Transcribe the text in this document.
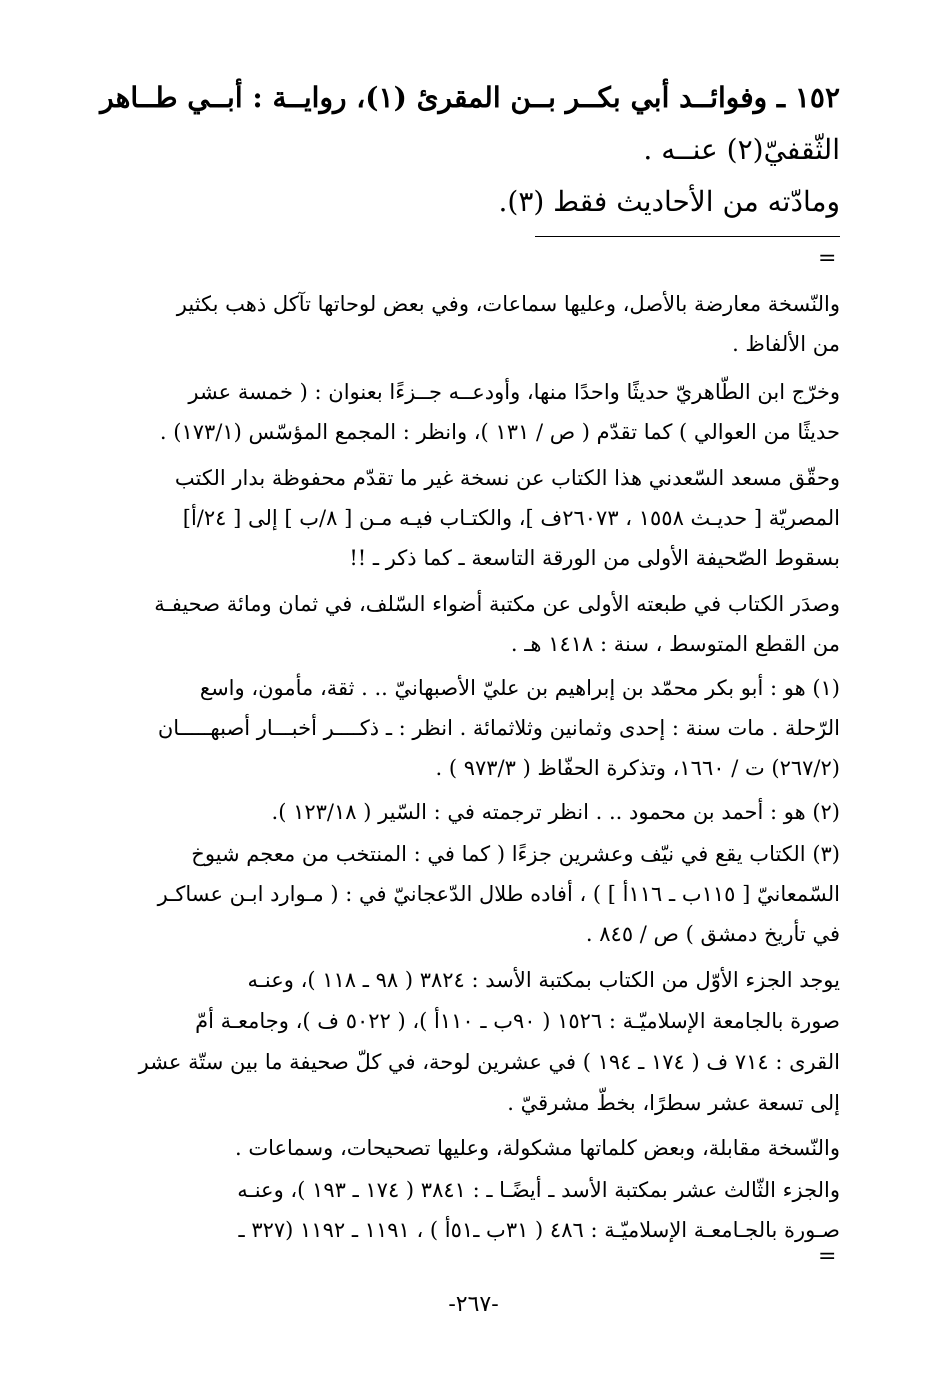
١٥٢ ـ وفوائــد أبي بكــر بــن المقرئ (١)، روايــة : أبــي طــاهر

الثّقفيّ(٢) عنــه .

ومادّته من الأحاديث فقط (٣).

=

والنّسخة معارضة بالأصل، وعليها سماعات، وفي بعض لوحاتها تآكل ذهب بكثير
من الألفاظ .

وخرّج ابن الطّاهريّ حديثًا واحدًا منها، وأودعــه جــزءًا بعنوان : ( خمسة عشر
حديثًا من العوالي ) كما تقدّم ( ص / ١٣١ )، وانظر : المجمع المؤسّس (١٧٣/١) .

وحقّق مسعد السّعدني هذا الكتاب عن نسخة غير ما تقدّم محفوظة بدار الكتب
المصريّة [ حديـث ١٥٥٨ ، ٢٦٠٧٣ف ]، والكتـاب فيـه مـن [ ٨/ب ] إلى [ ٢٤/أ]
بسقوط الصّحيفة الأولى من الورقة التاسعة ـ كما ذكر ـ !!

وصدَر الكتاب في طبعته الأولى عن مكتبة أضواء السّلف، في ثمان ومائة صحيفـة
من القطع المتوسط ، سنة : ١٤١٨ هـ .

(١) هو : أبو بكر محمّد بن إبراهيم بن عليّ الأصبهانيّ .. . ثقة، مأمون، واسع
الرّحلة . مات سنة : إحدى وثمانين وثلاثمائة . انظر : ـ ذكــــر أخبـــار أصبهـــــان
(٢٦٧/٢) ت / ١٦٦٠، وتذكرة الحفّاظ ( ٩٧٣/٣ ) .

(٢) هو : أحمد بن محمود .. . انظر ترجمته في : السّير ( ١٢٣/١٨ ).

(٣) الكتاب يقع في نيّف وعشرين جزءًا ( كما في : المنتخب من معجم شيوخ
السّمعانيّ [ ١١٥ب ـ ١١٦أ ] ) ، أفاده طلال الدّعجانيّ في : ( مـوارد ابـن عساكـر
في تأريخ دمشق ) ص / ٨٤٥ .

يوجد الجزء الأوّل من الكتاب بمكتبة الأسد : ٣٨٢٤ ( ٩٨ ـ ١١٨ )، وعنـه
صورة بالجامعة الإسلاميّـة : ١٥٢٦ ( ٩٠ب ـ ١١٠أ )، ( ٥٠٢٢ ف )، وجامعـة أمّ
القرى : ٧١٤ ف ( ١٧٤ ـ ١٩٤ ) في عشرين لوحة، في كلّ صحيفة ما بين ستّة عشر
إلى تسعة عشر سطرًا، بخطّ مشرقيّ .

والنّسخة مقابلة، وبعض كلماتها مشكولة، وعليها تصحيحات، وسماعات .

والجزء الثّالث عشر بمكتبة الأسد ـ أيضًـا ـ : ٣٨٤١ ( ١٧٤ ـ ١٩٣ )، وعنـه
صـورة بالجـامعـة الإسلاميّـة : ٤٨٦ ( ٣١ب ـ٥١أ ) ، ١١٩١ ـ ١١٩٢ (٣٢٧ ـ

=
-٢٦٧-
